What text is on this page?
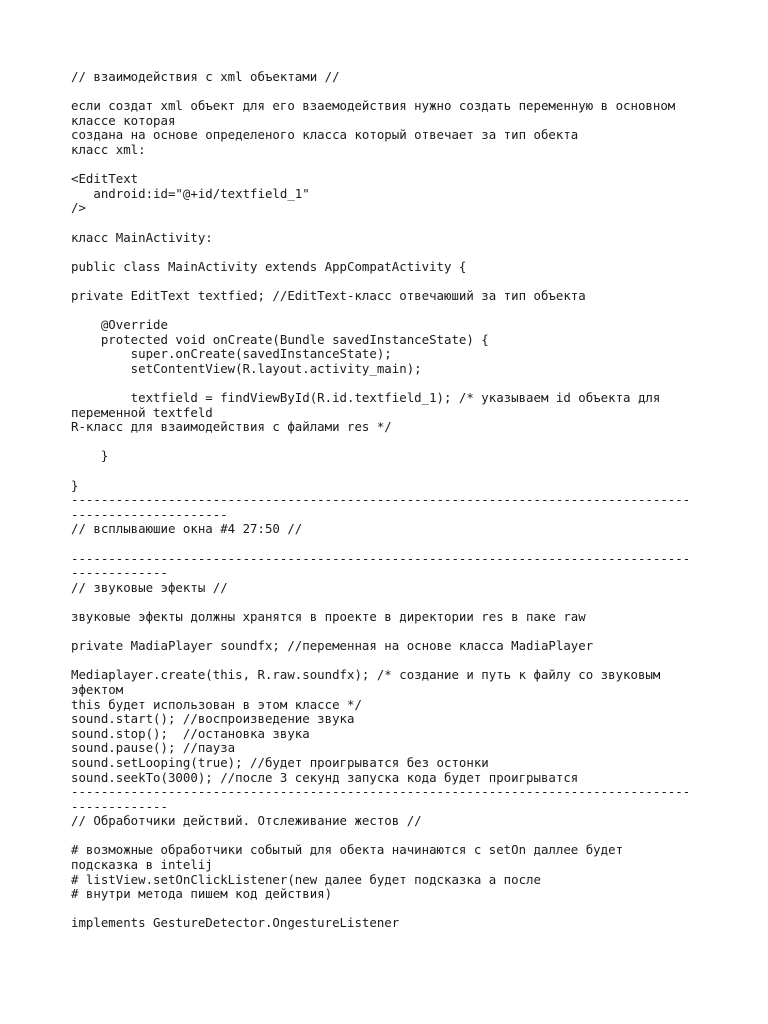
// взаимодействия с xml объектами //
если создат xml объект для его взаемодействия нужно создать переменную в основном
классе которая
создана на основе определеного класса который отвечает за тип обекта
класс xml:
<EditText
android:id="@+id/textfield_1"
/>
класс MainActivity:
public class MainActivity extends AppCompatActivity {
private EditText textfied; //EditText-класс отвечаюший за тип объекта
@Override
protected void onCreate(Bundle savedInstanceState) {
super.onCreate(savedInstanceState);
setContentView(R.layout.activity_main);
textfield = findViewById(R.id.textfield_1); /* указываем id объекта для
переменной textfeld
R-класс для взаимодействия с файлами res */
}
}
-----------------------------------------------------------------------------------
---------------------
// всплываюшие окна #4 27:50 //
-----------------------------------------------------------------------------------
-------------
// звуковые эфекты //
звуковые эфекты должны хранятся в проекте в директории res в паке raw
private MadiaPlayer soundfx; //переменная на основе класса MadiaPlayer
Mediaplayer.create(this, R.raw.soundfx); /* создание и путь к файлу со звуковым
эфектом
this будет использован в этом классе */
sound.start(); //воспроизведение звука
sound.stop();  //остановка звука
sound.pause(); //пауза
sound.setLooping(true); //будет проигрыватся без остонки
sound.seekTo(3000); //после 3 секунд запуска кода будет проигрыватся
-----------------------------------------------------------------------------------
-------------
// Обработчики действий. Отслеживание жестов //
# возможные обработчики событый для обекта начинаются с setOn даллее будет
подсказка в intelij
# listView.setOnClickListener(new далее будет подсказка а после
# внутри метода пишем код действия)
implements GestureDetector.OngestureListener
